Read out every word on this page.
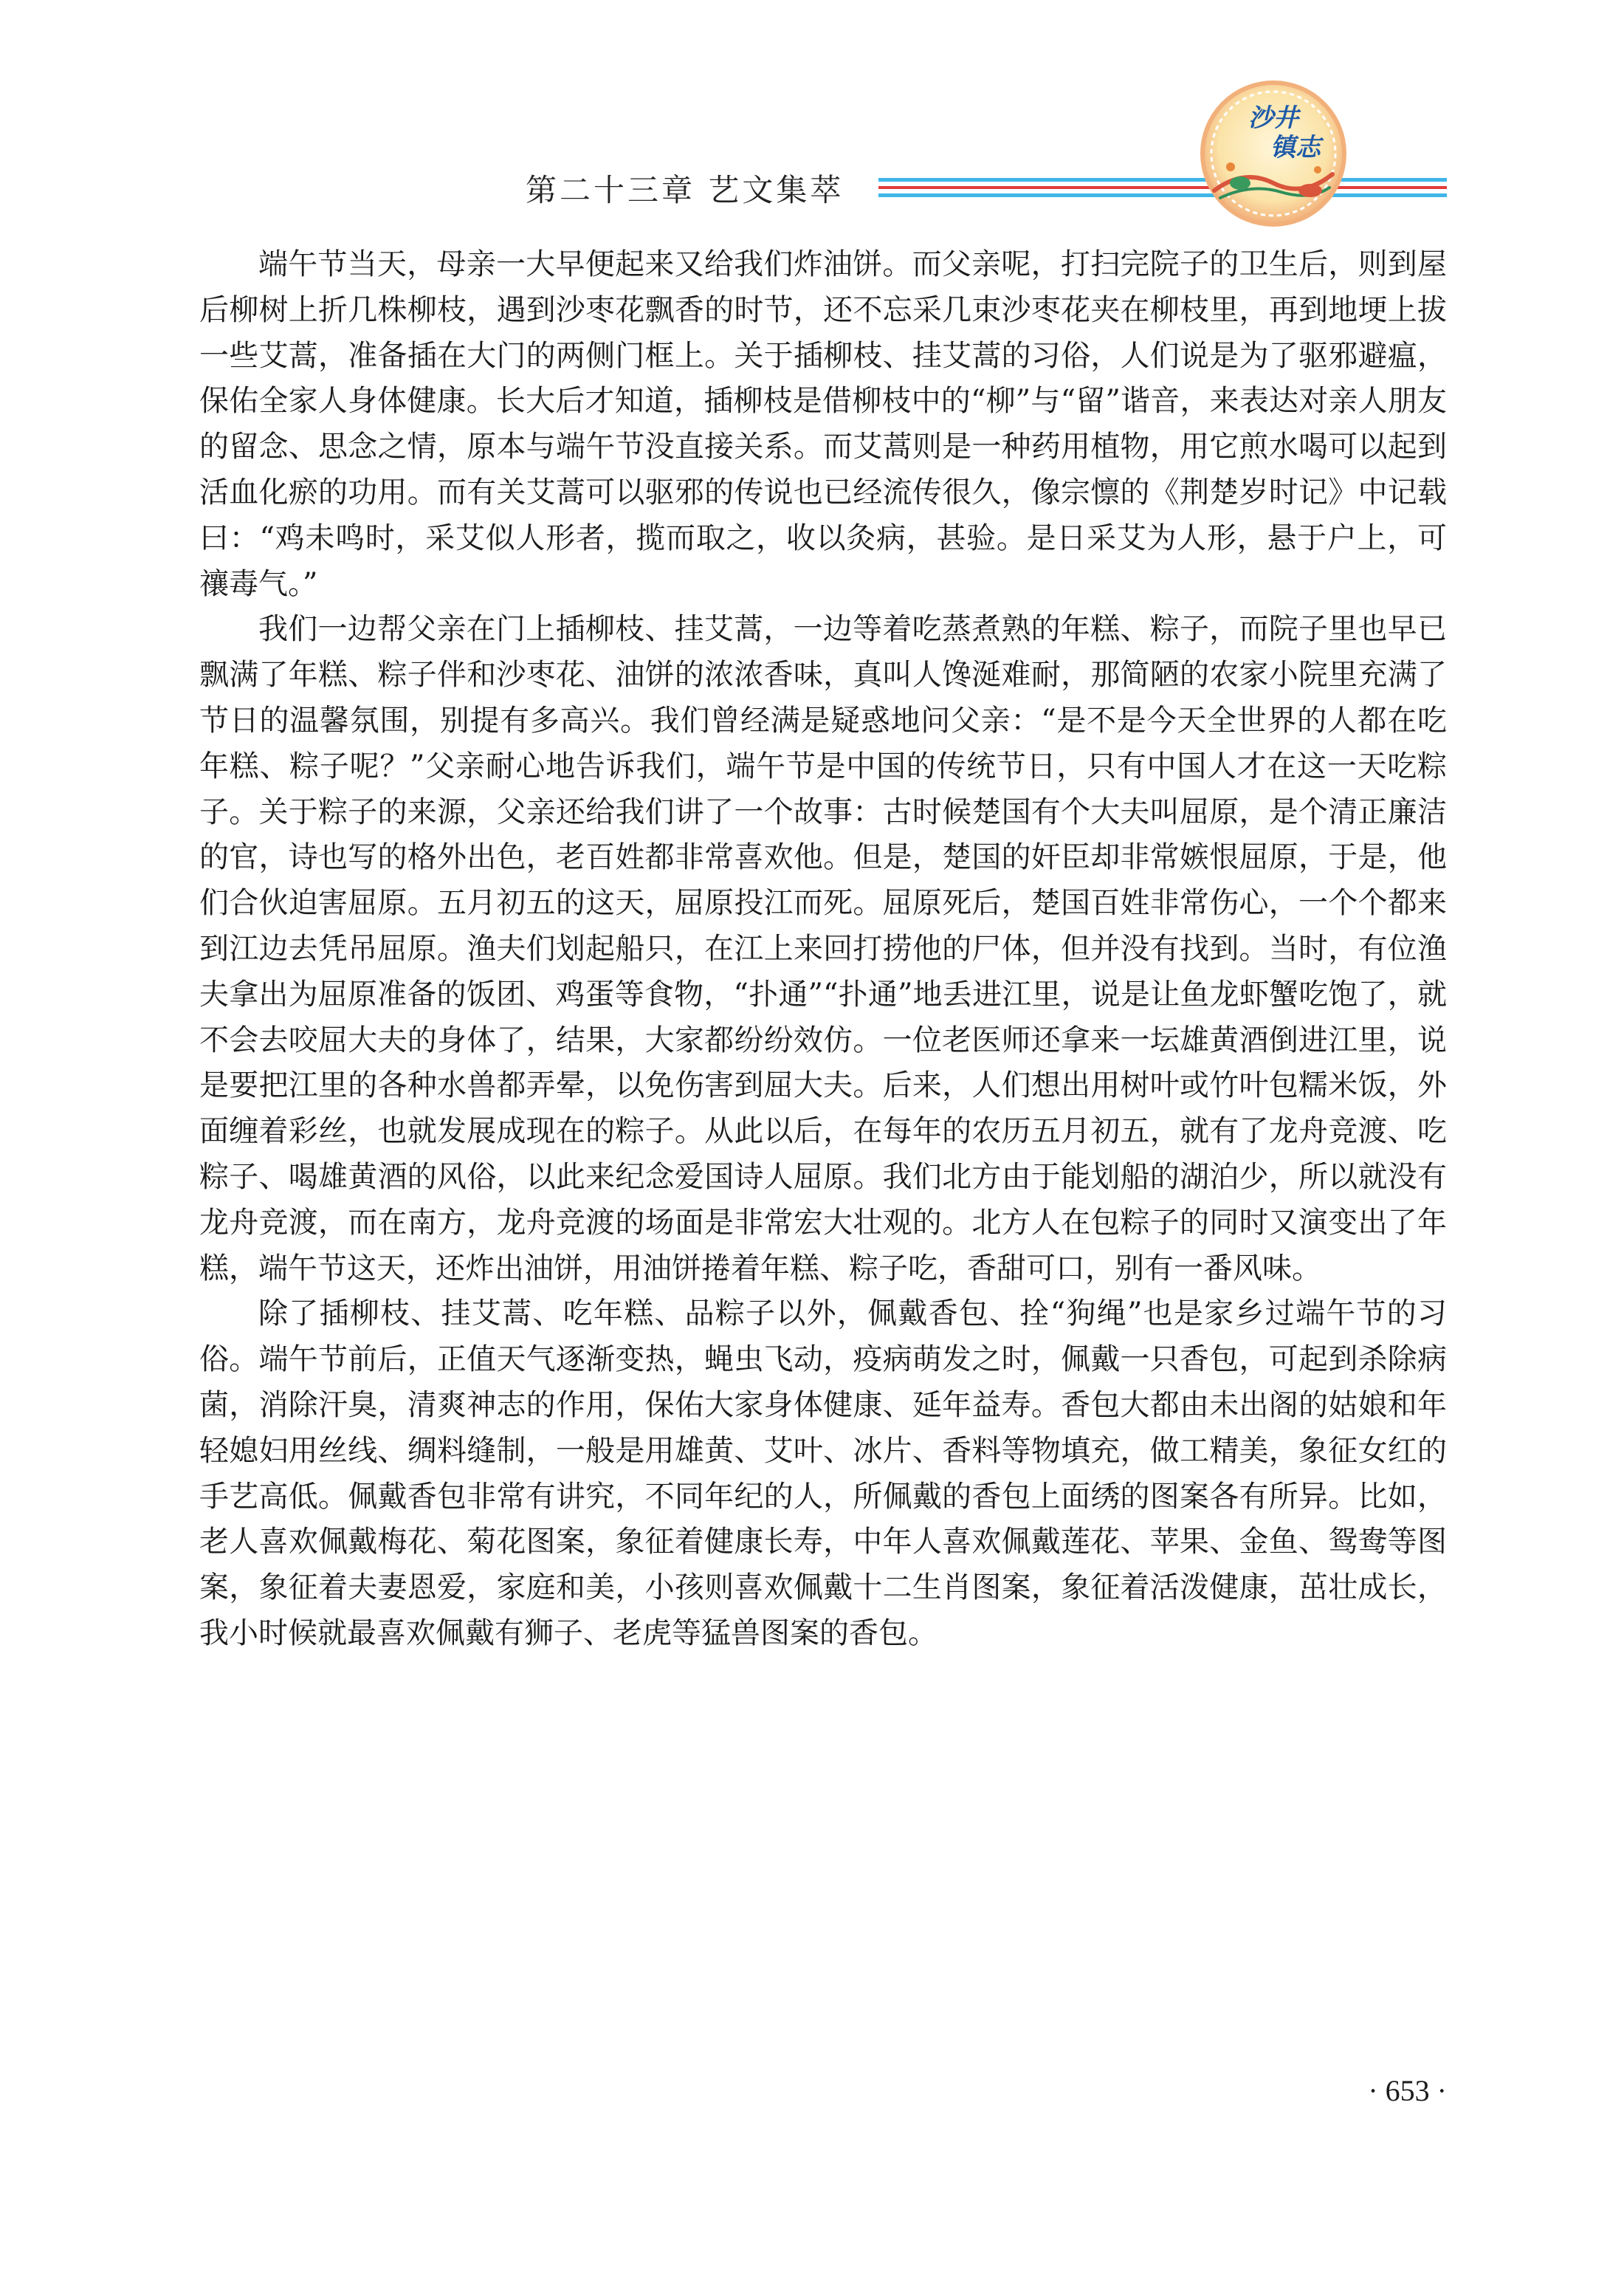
第二十三章 艺文集萃
沙井
镇志

端午节当天，母亲一大早便起来又给我们炸油饼。而父亲呢，打扫完院子的卫生后，则到屋后柳树上折几株柳枝，遇到沙枣花飘香的时节，还不忘采几束沙枣花夹在柳枝里，再到地埂上拔一些艾蒿，准备插在大门的两侧门框上。关于插柳枝、挂艾蒿的习俗，人们说是为了驱邪避瘟，保佑全家人身体健康。长大后才知道，插柳枝是借柳枝中的“柳”与“留”谐音，来表达对亲人朋友的留念、思念之情，原本与端午节没直接关系。而艾蒿则是一种药用植物，用它煎水喝可以起到活血化瘀的功用。而有关艾蒿可以驱邪的传说也已经流传很久，像宗懔的《荆楚岁时记》中记载曰：“鸡未鸣时，采艾似人形者，揽而取之，收以灸病，甚验。是日采艾为人形，悬于户上，可禳毒气。”

我们一边帮父亲在门上插柳枝、挂艾蒿，一边等着吃蒸煮熟的年糕、粽子，而院子里也早已飘满了年糕、粽子伴和沙枣花、油饼的浓浓香味，真叫人馋涎难耐，那简陋的农家小院里充满了节日的温馨氛围，别提有多高兴。我们曾经满是疑惑地问父亲：“是不是今天全世界的人都在吃年糕、粽子呢？”父亲耐心地告诉我们，端午节是中国的传统节日，只有中国人才在这一天吃粽子。关于粽子的来源，父亲还给我们讲了一个故事：古时候楚国有个大夫叫屈原，是个清正廉洁的官，诗也写的格外出色，老百姓都非常喜欢他。但是，楚国的奸臣却非常嫉恨屈原，于是，他们合伙迫害屈原。五月初五的这天，屈原投江而死。屈原死后，楚国百姓非常伤心，一个个都来到江边去凭吊屈原。渔夫们划起船只，在江上来回打捞他的尸体，但并没有找到。当时，有位渔夫拿出为屈原准备的饭团、鸡蛋等食物，“扑通”“扑通”地丢进江里，说是让鱼龙虾蟹吃饱了，就不会去咬屈大夫的身体了，结果，大家都纷纷效仿。一位老医师还拿来一坛雄黄酒倒进江里，说是要把江里的各种水兽都弄晕，以免伤害到屈大夫。后来，人们想出用树叶或竹叶包糯米饭，外面缠着彩丝，也就发展成现在的粽子。从此以后，在每年的农历五月初五，就有了龙舟竞渡、吃粽子、喝雄黄酒的风俗，以此来纪念爱国诗人屈原。我们北方由于能划船的湖泊少，所以就没有龙舟竞渡，而在南方，龙舟竞渡的场面是非常宏大壮观的。北方人在包粽子的同时又演变出了年糕，端午节这天，还炸出油饼，用油饼捲着年糕、粽子吃，香甜可口，别有一番风味。

除了插柳枝、挂艾蒿、吃年糕、品粽子以外，佩戴香包、拴“狗绳”也是家乡过端午节的习俗。端午节前后，正值天气逐渐变热，蝇虫飞动，疫病萌发之时，佩戴一只香包，可起到杀除病菌，消除汗臭，清爽神志的作用，保佑大家身体健康、延年益寿。香包大都由未出阁的姑娘和年轻媳妇用丝线、绸料缝制，一般是用雄黄、艾叶、冰片、香料等物填充，做工精美，象征女红的手艺高低。佩戴香包非常有讲究，不同年纪的人，所佩戴的香包上面绣的图案各有所异。比如，老人喜欢佩戴梅花、菊花图案，象征着健康长寿，中年人喜欢佩戴莲花、苹果、金鱼、鸳鸯等图案，象征着夫妻恩爱，家庭和美，小孩则喜欢佩戴十二生肖图案，象征着活泼健康，茁壮成长，我小时候就最喜欢佩戴有狮子、老虎等猛兽图案的香包。

· 653 ·
